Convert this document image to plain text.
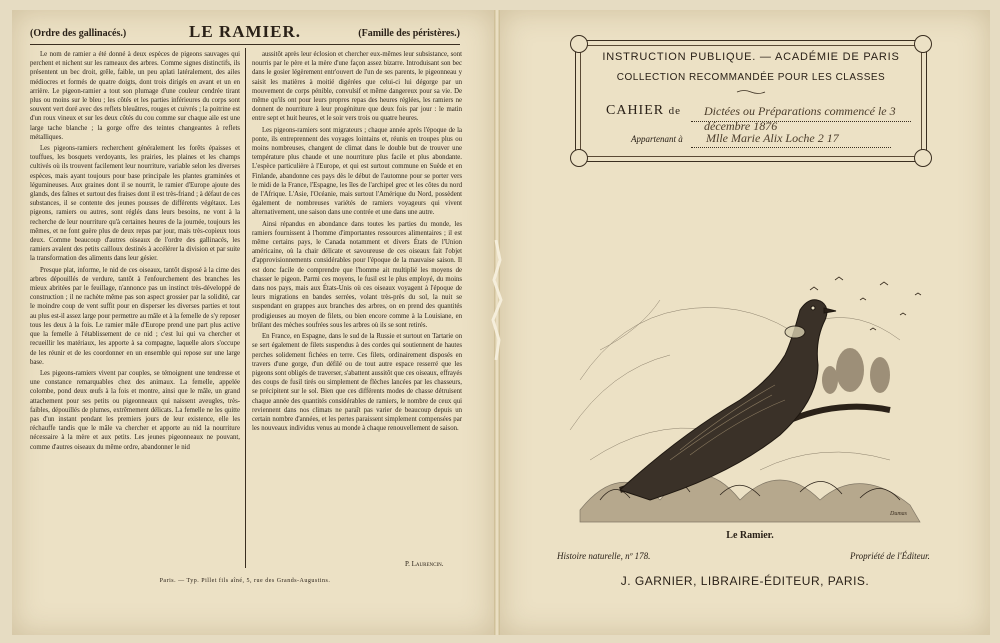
(Ordre des gallinacés.)	LE RAMIER.	(Famille des péristères.)

Le nom de ramier a été donné à deux espèces de pigeons sauvages qui perchent et nichent sur les rameaux des arbres. Comme signes distinctifs, ils présentent un bec droit, grêle, faible, un peu aplati latéralement, des ailes médiocres et formés de quatre doigts, dont trois dirigés en avant et un en arrière. Le pigeon-ramier a tout son plumage d'une couleur cendrée tirant plus ou moins sur le bleu ; les côtés et les parties inférieures du corps sont souvent vert doré avec des reflets bleuâtres, rouges et cuivrés ; la poitrine est d'un roux vineux et sur les deux côtés du cou comme sur chaque aile est une large tache blanche ; la gorge offre des teintes changeantes à reflets métalliques.

Les pigeons-ramiers recherchent généralement les forêts épaisses et touffues, les bosquets verdoyants, les prairies, les plaines et les champs cultivés où ils trouvent facilement leur nourriture, variable selon les diverses espèces, mais ayant toujours pour base principale les plantes graminées et légumineuses. Aux graines dont il se nourrit, le ramier d'Europe ajoute des glands, des faînes et surtout des fraises dont il est très-friand ; à défaut de ces substances, il se contente des jeunes pousses de différents végétaux. Les pigeons, ramiers ou autres, sont réglés dans leurs besoins, ne vont à la recherche de leur nourriture qu'à certaines heures de la journée, toujours les mêmes, et ne font guère plus de deux repas par jour, mais très-copieux tous deux. Comme beaucoup d'autres oiseaux de l'ordre des gallinacés, les ramiers avalent des petits cailloux destinés à accélérer la division et par suite la transformation des aliments dans leur gésier.

Presque plat, informe, le nid de ces oiseaux, tantôt disposé à la cime des arbres dépouillés de verdure, tantôt à l'enfourchement des branches les mieux abritées par le feuillage, n'annonce pas un instinct très-développé de construction ; il ne rachète même pas son aspect grossier par la solidité, car le moindre coup de vent suffit pour en disperser les diverses parties et tout au plus est-il assez large pour permettre au mâle et à la femelle de s'y reposer tous les deux à la fois. Le ramier mâle d'Europe prend une part plus active que la femelle à l'établissement de ce nid ; c'est lui qui va chercher et recueillir les matériaux, les apporte à sa compagne, laquelle alors s'occupe de les réunir et de les coordonner en un ensemble qui repose sur une large base.

Les pigeons-ramiers vivent par couples, se témoignent une tendresse et une constance remarquables chez des animaux. La femelle, appelée colombe, pond deux œufs à la fois et montre, ainsi que le mâle, un grand attachement pour ses petits ou pigeonneaux qui naissent aveugles, très-faibles, dépouillés de plumes, extrêmement délicats. La femelle ne les quitte pas d'un instant pendant les premiers jours de leur existence, elle les réchauffe tandis que le mâle va chercher et apporte au nid la nourriture nécessaire à la mère et aux petits. Les jeunes pigeonneaux ne pouvant, comme d'autres oiseaux du même ordre, abandonner le nid

aussitôt après leur éclosion et chercher eux-mêmes leur subsistance, sont nourris par le père et la mère d'une façon assez bizarre. Introduisant son bec dans le gosier légèrement entr'ouvert de l'un de ses parents, le pigeonneau y saisit les matières à moitié digérées que celui-ci lui dégorge par un mouvement de corps pénible, convulsif et même dangereux pour sa vie. De même qu'ils ont pour leurs propres repas des heures réglées, les ramiers ne donnent de nourriture à leur progéniture que deux fois par jour : le matin entre sept et huit heures, et le soir vers trois ou quatre heures.

Les pigeons-ramiers sont migrateurs ; chaque année après l'époque de la ponte, ils entreprennent des voyages lointains et, réunis en troupes plus ou moins nombreuses, changent de climat dans le double but de trouver une température plus chaude et une nourriture plus facile et plus abondante. L'espèce particulière à l'Europe, et qui est surtout commune en Suède et en Finlande, abandonne ces pays dès le début de l'automne pour se porter vers le midi de la France, l'Espagne, les îles de l'archipel grec et les côtes du nord de l'Afrique. L'Asie, l'Océanie, mais surtout l'Amérique du Nord, possèdent également de nombreuses variétés de ramiers voyageurs qui vivent alternativement, une saison dans une contrée et une dans une autre.

Ainsi répandus en abondance dans toutes les parties du monde, les ramiers fournissent à l'homme d'importantes ressources alimentaires ; il est même certains pays, le Canada notamment et divers États de l'Union américaine, où la chair délicate et savoureuse de ces oiseaux fait l'objet d'approvisionnements considérables pour l'époque de la mauvaise saison. Il est donc facile de comprendre que l'homme ait multiplié les moyens de chasser le pigeon. Parmi ces moyens, le fusil est le plus employé, du moins dans nos pays, mais aux États-Unis où ces oiseaux voyagent à l'époque de leurs migrations en bandes serrées, volant très-près du sol, la nuit se suspendant en grappes aux branches des arbres, on en prend des quantités prodigieuses au moyen de filets, ou bien encore comme à la Louisiane, en brûlant des mèches soufrées sous les arbres où ils se sont retirés.

En France, en Espagne, dans le sud de la Russie et surtout en Tartarie on se sert également de filets suspendus à des cordes qui soutiennent de hautes perches solidement fichées en terre. Ces filets, ordinairement disposés en travers d'une gorge, d'un défilé ou de tout autre espace resserré que les pigeons sont obligés de traverser, s'abattent aussitôt que ces oiseaux, effrayés des coups de fusil tirés ou simplement de flèches lancées par les chasseurs, se précipitent sur le sol. Bien que ces différents modes de chasse détruisent chaque année des quantités considérables de ramiers, le nombre de ceux qui reviennent dans nos climats ne paraît pas varier de beaucoup depuis un certain nombre d'années, et les pertes paraissent simplement compensées par les nouveaux individus venus au monde à chaque renouvellement de saison.

P. Laurencin.
Paris. — Typ. Pillet fils aîné, 5, rue des Grands-Augustins.
INSTRUCTION PUBLIQUE. — ACADÉMIE DE PARIS
COLLECTION RECOMMANDÉE POUR LES CLASSES
CAHIER de Dictées ou Préparations commencé le 3 décembre 1876
Appartenant à Mlle Marie Alix Loche 2 17
Dumas
Le Ramier.
Histoire naturelle, nº 178.	Propriété de l'Éditeur.
J. GARNIER, LIBRAIRE-ÉDITEUR, PARIS.
